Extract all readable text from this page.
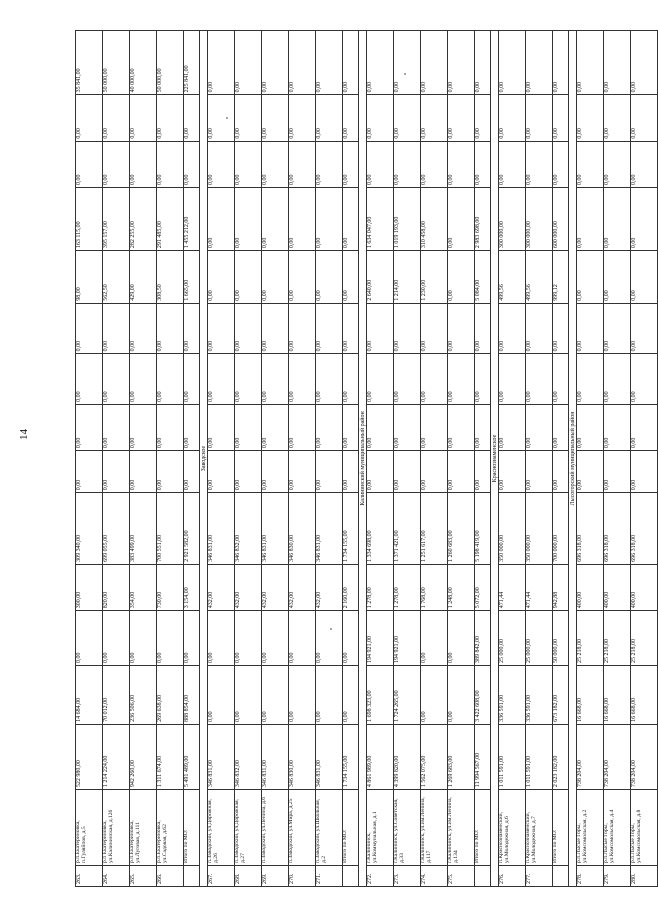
14
263.	р.п.Екатериновка, п.Гуляйпов, д.5	522 980,00	14 684,00	0,00	300,00	309 340,00	0,00	0,00	0,00	0,00	98,00	163 115,00	0,00	0,00	35 841,00
264.	р.п Екатериновка, ул.Калининская, д.126	1 214 224,00	70 012,00	0,00	820,00	699 055,00	0,00	0,00	0,00	0,00	562,50	395 157,00	0,00	0,00	50 000,00
265.	р.п.Екатериновка, ул.Луговая, д.111	942 260,00	236 506,00	0,00	354,00	383 499,00	0,00	0,00	0,00	0,00	429,00	282 255,00	0,00	0,00	40 000,00
266.	р.п.Екатериновка, ул.Садовая, д.62	1 311 674,00	269 638,00	0,00	730,00	700 551,00	0,00	0,00	0,00	0,00	308,50	291 485,00	0,00	0,00	50 000,00
	Итого по МО:	5 491 489,00	888 854,00	0,00	3 154,00	2 921 582,00	0,00	0,00	0,00	0,00	1 665,00	1 455 212,00	0,00	0,00	225 841,00
Заводское															
267.	п.Заводский, ул.Дорожная, д.26	346 831,00	0,00	0,00	432,00	346 831,00	0,00	0,00	0,00	0,00	0,00	0,00	0,00	0,00	0,00
268.	п.Заводский, ул.Дорожная, д.27	346 832,00	0,00	0,00	432,00	346 832,00	0,00	0,00	0,00	0,00	0,00	0,00	0,00	0,00	0,00
269.	п.Заводский, ул.Ленина, д.6	346 831,00	0,00	0,00	432,00	346 831,00	0,00	0,00	0,00	0,00	0,00	0,00	0,00	0,00	0,00
270.	п.Заводский, ул.Мира, д.25	346 830,00	0,00	0,00	432,00	346 830,00	0,00	0,00	0,00	0,00	0,00	0,00	0,00	0,00	0,00
271.	п.Заводский, ул.Школьная, д.2	346 831,00	0,00	0,00	432,00	346 831,00	0,00	0,00	0,00	0,00	0,00	0,00	0,00	0,00	0,00
	Итого по МО:	1 734 155,00	0,00	0,00	2 160,00	1 734 155,00	0,00	0,00	0,00	0,00	0,00	0,00	0,00	0,00	0,00
Калининский муниципальный район															
272.	г.Калининск, ул.Коммунальная, д.1	4 861 989,00	1 698 323,00	194 921,00	1 278,00	1 334 698,00	0,00	0,00	0,00	0,00	2 640,00	1 634 047,00	0,00	0,00	0,00
273.	г.Калининск, ул.Советская, д.33	4 399 820,00	1 724 265,00	194 921,00	1 278,00	1 371 421,00	0,00	0,00	0,00	0,00	1 214,00	1 019 193,00	0,00	0,00	0,00
274.	г.Калининск, ул.им.Ленина, д.117	1 562 075,00	0,00	0,00	1 768,00	1 251 617,00	0,00	0,00	0,00	0,00	1 230,00	310 458,00	0,00	0,00	0,00
275.	г.Калининск, ул.им.Ленина, д.134	1 269 683,00	0,00	0,00	1 248,00	1 260 683,00	0,00	0,00	0,00	0,00	0,00	0,00	0,00	0,00	0,00
	Итого по МО:	11 994 567,00	3 422 608,00	389 842,00	5 072,00	5 198 419,00	0,00	0,00	0,00	0,00	5 084,00	2 983 698,00	0,00	0,00	0,00
Краснознаменское															
276.	п.Краснознаменский, ул.Молодежная, д.6	1 011 591,00	336 591,00	25 000,00	471,44	350 000,00	0,00	0,00	0,00	0,00	499,56	300 000,00	0,00	0,00	0,00
277.	п.Краснознаменский, ул.Молодежная, д.7	1 011 591,00	336 591,00	25 000,00	471,44	350 000,00	0,00	0,00	0,00	0,00	499,56	300 000,00	0,00	0,00	0,00
	Итого по МО:	2 023 182,00	673 182,00	50 000,00	942,88	700 000,00	0,00	0,00	0,00	0,00	999,12	600 000,00	0,00	0,00	0,00
Лысогорский муниципальный район															
278.	р.п.Лысые Горы, ул.Комсомольская, д.2	738 204,00	16 668,00	25 218,00	400,00	696 318,00	0,00	0,00	0,00	0,00	0,00	0,00	0,00	0,00	0,00
279.	р.п.Лысые Горы, ул.Комсомольская, д.4	738 204,00	16 668,00	25 218,00	400,00	696 318,00	0,00	0,00	0,00	0,00	0,00	0,00	0,00	0,00	0,00
280.	р.п.Лысые Горы, ул.Комсомольская, д.8	738 204,00	16 668,00	25 218,00	400,00	696 318,00	0,00	0,00	0,00	0,00	0,00	0,00	0,00	0,00	0,00
